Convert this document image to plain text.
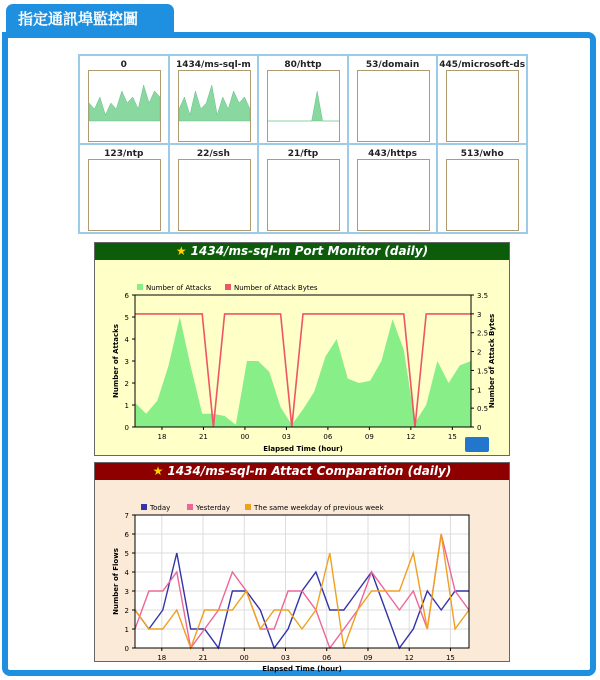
指定通訊埠監控圖
0	1434/ms-sql-m	80/http	53/domain	445/microsoft-ds
123/ntp	22/ssh	21/ftp	443/https	513/who
★ 1434/ms-sql-m Port Monitor (daily)
0
1
2
3
4
5
6
0
0.5
1
1.5
2
2.5
3
3.5
18	21	00	03	06	09	12	15
Number of Attacks	Number of Attack Bytes
Elapsed Time (hour)
Number of Attacks	Number of Attack Bytes
★ 1434/ms-sql-m Attact Comparation (daily)
0
1
2
3
4
5
6
7
18	21	00	03	06	09	12	15
Today	Yesterday	The same weekday of previous week
Elapsed Time (hour)
Number of Flows
